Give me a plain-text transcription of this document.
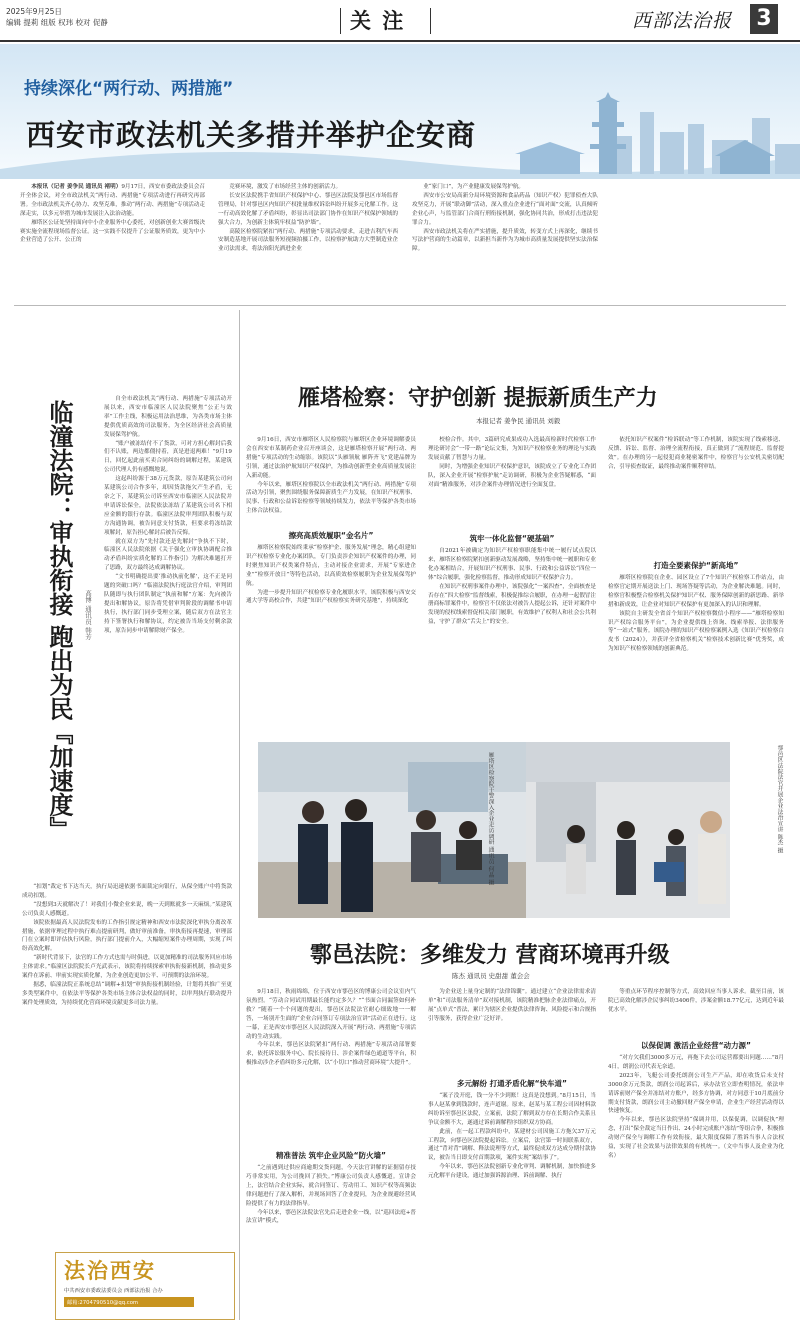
2025年9月25日
编辑 提莉 组版 权玮 校对 促静	关 注	西部法治报 3
持续深化“两行动、两措施”
西安市政法机关多措并举护企安商

本报讯（记者 姜争民 通讯员 褚明）9月17日，西安市委政法委员会召开全体会议，对全市政法机关“两行动、两措施”专项活动进行再研究再部署。全市政法机关齐心协力、攻坚克难，推动“两行动、两措施”专项活动走深走实，以多元举措为城市发展注入法治动能。

雁塔区公证处坚持面向中小企业服务中心委托，对创新创业大赛省级决赛实施全流程现场监督公证。这一实践不仅提升了公证服务质效，更为中小企业营造了公开、公正的

竞赛环境，激发了市场经营主体的创新活力。

长安区法院携手省知识产权保护中心、鄠邑区法院及鄠邑区市场监督管理局，针对鄠邑区内知识产权批量维权诉讼纠纷开展多元化解工作。这一行动高效化解了矛盾纠纷，彰显出司法部门协作在知识产权保护领域的强大合力，为创新主体筑牢权益“防护墙”。

高陵区检察院紧扣“两行动、两措施”专项活动要求，走进吉利汽车西安制造基地开展司法服务短视频拍摄工作，以检察护航助力大型制造业企业司法需求，将法治阳光洒进企业

业“家门口”，为产业健康发展保驾护航。

西安市公安局高新分局环境资源和食品药品（知识产权）犯罪侦查大队攻坚克力，开展“联动御”活动，深入重点企业进行“面对面”交流，认真倾听企业心声，与监管部门合商行刑衔接机制，强化协同共治，形成打击违法犯罪合力。

西安市政法机关将在严实措施，提升质效，转变方式上再深化，继续书写法护营商的生动篇章，以新担当新作为为城市高质量发展提供坚实法治保障。

临潼法院：审执衔接 跑出为民『加速度』
高博 通讯员 韩芳

自全市政法机关“两行动、两措施”专项活动开展以来，西安市临潼区人民法院聚焦“公正与效率”工作主线，积极运用法治思维，为各类市场主体提供优质高效的司法服务，为全区经济社会高质量发展保驾护航。

“账户被冻结付不了货款，可对方担心解封后我们不认账，两边都僵持着，真是进退两难！”9月19日，回忆起此前买卖合同纠纷的调解过程，某建筑公司代理人仍有感慨地说。

这起纠纷源于38万元货款，原告某建筑公司向某建筑公司合作多年，却因货款拖欠产生矛盾，无奈之下，某建筑公司诉至西安市临潼区人民法院并申请诉讼保全，法院依法冻结了某建筑公司名下相应金额的银行存款。临潼区法院审判团队积极与双方沟通协调，被告同意支付货款，但要求将冻结款项解封，原告担心解封后被告反悔。

就在双方为“先付款还是先解封”争执不下时，临潼区人民法院依据《关于强化立审执协调配合推动矛盾纠纷实质化解的工作指引》为解决难题打开了思路，双方最终达成调解协议。

“文书明确提出要‘推动执前化解’，这不正是问题的突破口吗？”临潼法院执行庭法官介绍，审判团队随即与执行团队制定“执前和解”方案：先向被告提出和解协议，原告将凭借审判阶段的调解书申请执行，执行部门同步受理立案，随后双方在法官主持下签署执行和解协议，约定被告当场支付剩余款项，原告同步申请解除财产保全。

“扣划”裁定书下达当天，执行局迅速依据书面裁定向银行，从保全账户中将货款成功扣划。

“没想到3天就解决了！对我们小微企业来说，晚一天到账就多一天麻烦。”某建筑公司负责人感慨道。

该院依据最高人民法院发布的工作指引规定精神和西安市法院深化审执分离改革措施，依据审理过程中执行难点提前研判，做好审前准备，审执衔接再提速，审理部门在立案时即评估执行风险，执行部门提前介入，大幅缩短案件办理周期，实现了纠纷高效化解。

“新时代背景下，法官的工作方式也需与时俱进，以更加精准的司法服务回应市场主体需求。”临潼区法院院长卢光武表示，该院将持续探索审执衔接新机制，推动更多案件在诉前、审前实现实质化解，为企业创造更加公平、可预期的法治环境。

据悉，临潼法院正系统总结“调解+扣划”审执衔接机制经验，计划将其推广至更多类型案件中，在依法平等保护各类市场主体合法权益的同时，以审判执行联动提升案件处理质效，为持续优化营商环境贡献更多司法力量。

法治西安
中共西安市委政法委员会 西部法治报 合办
邮箱:2704790510@qq.com
雁塔检察：守护创新 提振新质生产力
本报记者 姜争民 通讯员 刘毅

9月16日，西安市雁塔区人民检察院与雁塔区企业环境调解委员会在西安市某制药企业召开座谈会，这是雁塔检察开展“两行动、两措施”专项活动的生动缩影。该院以“头雁领航 雁阵齐飞”党建品牌为引领，通过法治护航知识产权保护，为推动创新型企业高质量发展注入新动能。

今年以来，雁塔区检察院以全市政法机关“两行动、两措施”专项活动为引领，聚焦围绕服务保障新质生产力发展，在知识产权刑事、民事、行政和公益诉讼检察等领域持续发力，依法平等保护各类市场主体合法权益。

擦亮高质效履职“金名片”

雁塔区检察院始终秉承“检察护企、服务发展”理念，精心组建知识产权检察专业化办案团队，专门负责涉企知识产权案件的办理，同时聚焦知识产权类案件特点，主动对接企业需求，开展“专家进企业”“检察开放日”等特色活动，以高质效检察履职为企业发展保驾护航。

为进一步提升知识产权检察专业化履职水平，该院积极与西安交通大学等高校合作，共建“知识产权检察实务研究基地”，持续深化

校检合作。其中，3篇研究成果成功入选最高检新时代检察工作理论研讨会“一带一路”论坛文集，为知识产权检察业务的理论与实践发展贡献了智慧与力量。

同时，为增强企业知识产权保护意识，该院成立了专业化工作团队，深入企业开展“检察护航”走访调研，积极为企业答疑解惑，“面对面”精准服务，对涉企案件办理情况进行全面复盘。

筑牢一体化监督“硬基础”

自2021年被确定为知识产权检察职能集中统一履行试点院以来，雁塔区检察院紧扣创新驱动发展战略，坚持集中统一履职和专业化办案相结合，开展知识产权刑事、民事、行政和公益诉讼“四位一体”综合履职，强化检察监督，推动形成知识产权保护合力。

在知识产权刑事案件办理中，该院强化“一案四查”，全面核查是否存在“四大检察”监督线索，积极促推综合履职，在办理一起假冒注册商标罪案件中，检察官不仅依法对被告人提起公诉，还针对案件中发现的侵权线索督促相关部门履职，有效维护了权利人和社会公共利益，守护了群众“舌尖上”的安全。

依托知识产权案件“检诉联动”等工作机制，该院实现了线索移送、反馈、诉讼、监督、治理全流程衔接，真正做到了“流程规范、监督提效”。在办理的另一起侵犯商业秘密案件中，检察官与公安机关密切配合，引导侦查取证，最终推动案件顺利审结。

打造全要素保护“新高地”

雁塔区检察院在企业、园区设立了7个知识产权检察工作站点，由检察官定期开展送法上门、现场答疑等活动，为企业解决难题。同时，检察官积极整合检察机关保护知识产权、服务保障创新的新思路、新举措和新成效，让企业对知识产权保护有更加深入的认识和理解。

该院自主研发全省首个知识产权检察微信小程序——“雁塔检察知识产权综合服务平台”，为企业提供线上咨询、线索举报、法律服务等“一站式”服务。该院办理的知识产权检察案例入选《知识产权检察白皮书（2024）》，并获评全省检察机关“检察技术创新比赛”优秀奖，成为知识产权检察领域的创新典范。

雁塔区检察院干警深入企业走访调研 通讯员 何晶 摄	鄠邑区法院法官开展企业法治宣讲 陈杰 摄
鄠邑法院：多维发力 营商环境再升级
陈杰 通讯员 史甜甜 董会会

9月18日，秋雨绵绵，位于西安市鄠邑区的博康公司会议室内气氛热烈。“劳动合同试用期最长能约定多久？”“书面合同漏签如何补救？”随着一个个问题的提出，鄠邑区法院法官耐心细致地一一解答，一场别开生面的“企业合同签订专项法治宣讲”活动正在进行。这一幕，正是西安市鄠邑区人民法院深入开展“两行动、两措施”专项活动的生动实践。

今年以来，鄠邑区法院紧扣“两行动、两措施”专项活动部署要求，依托诉讼服务中心、院长接待日、涉企案件绿色通道等平台，积极推动涉企矛盾纠纷多元化解，以“小切口”推动营商环境“大提升”。

精准普法 筑牢企业风险“防火墙”

“之前遇到过供应商逾期交货问题，今天法官讲解的证据留存技巧非常实用，为公司挽回了损失。”博康公司负责人感慨道。宣讲会上，法官结合企业实际，就合同签订、劳动用工、知识产权等高频法律问题进行了深入解析，并现场回答了企业提问，为企业规避经营风险提供了有力的法律指导。

今年以来，鄠邑区法院法官先后走进企业一线，以“巡回法庭+普法宣讲”模式，

为企业送上量身定制的“法律锦囊”。通过建立“企业法律需求清单”和“司法服务清单”双对接机制，该院精准把脉企业法律痛点，开展“点单式”普法，累计为辖区企业提供法律咨询、风险提示和合规指引等服务，获得企业广泛好评。

多元解纷 打通矛盾化解“快车道”

“案子没开庭，钱一分不少到账！这真是没想到。”8月15日，当事人赵某拿到钱款时，连声道谢。原来，赵某与某工程公司因材料款纠纷诉至鄠邑区法院，立案前，法院了解到双方存在长期合作关系且争议金额不大，遂通过诉前调解程序组织双方协商。

此前，在一起工程款纠纷中，某建材公司因施工方拖欠37万元工程款，向鄠邑区法院提起诉讼。立案后，法官第一时间联系双方，通过“背对背”调解、释法说理等方式，最终促成双方达成分期付款协议，被告当日即支付首期款项，案件实现“案结事了”。

今年以来，鄠邑区法院创新专业化审判、调解机制，加快推进多元化解平台建设，通过加强诉源治理、诉前调解、执行

等重点环节程序控制等方式，高效回应当事人诉求。截至目前，该院已高效化解涉企民事纠纷3406件，涉案金额18.77亿元，达到近年最优水平。

以保促调 激活企业经营“动力源”

“对方欠我们3000多万元，再拖下去公司运营都要出问题……”8月4日，朗润公司代表无奈道。

2023年，飞艇公司委托朗润公司生产产品，却在收货后未支付3000余万元货款，朗润公司起诉后，承办法官立即查明情况，依法申请诉前财产保全并冻结对方账户，经多方协调，对方同意于10月底前分期支付货款，朗润公司主动撤回财产保全申请，企业生产经营活动得以快速恢复。

今年以来，鄠邑区法院坚持“保调并用，以保促调，以调促执”理念，打出“保全裁定当日作出、24小时完成账户冻结”等组合拳，积极推动财产保全与调解工作有效衔接，最大限度保障了胜诉当事人合法权益，实现了社会效果与法律效果的有机统一。（文中当事人及企业为化名）
